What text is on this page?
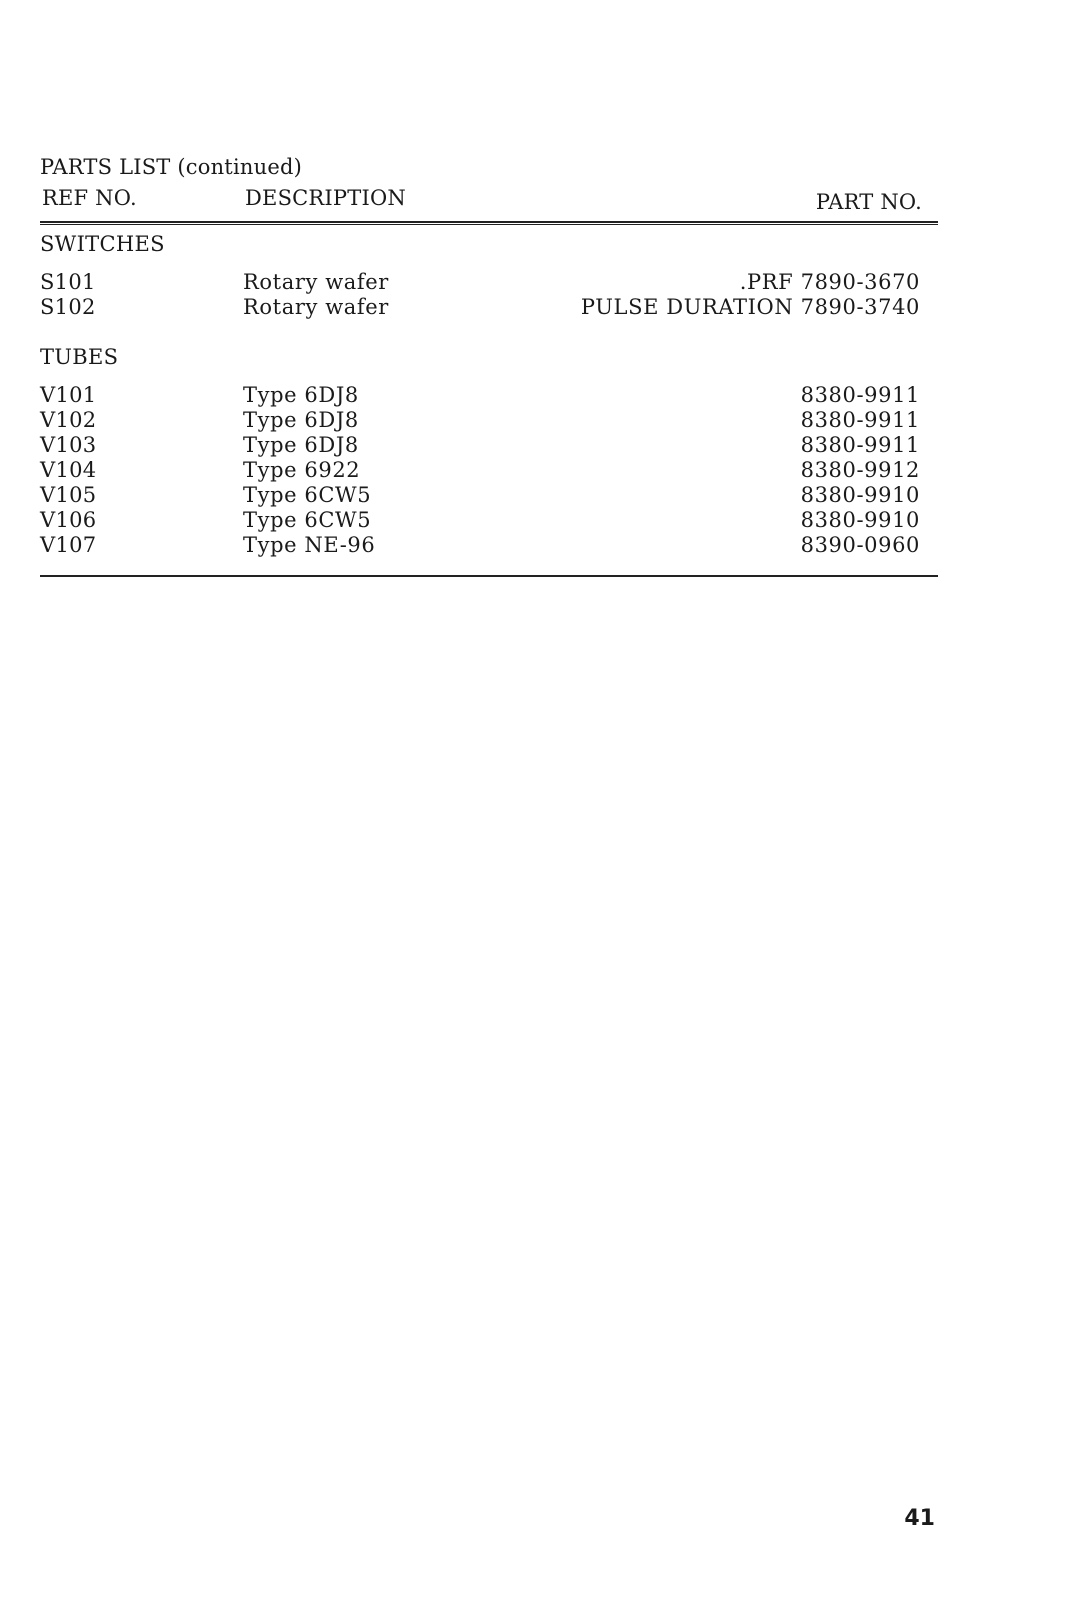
PARTS LIST (continued)
REF NO.	DESCRIPTION	PART NO.
SWITCHES
S101	Rotary wafer	.PRF 7890-3670
S102	Rotary wafer	PULSE DURATION 7890-3740
TUBES
V101	Type 6DJ8	8380-9911
V102	Type 6DJ8	8380-9911
V103	Type 6DJ8	8380-9911
V104	Type 6922	8380-9912
V105	Type 6CW5	8380-9910
V106	Type 6CW5	8380-9910
V107	Type NE-96	8390-0960
41
